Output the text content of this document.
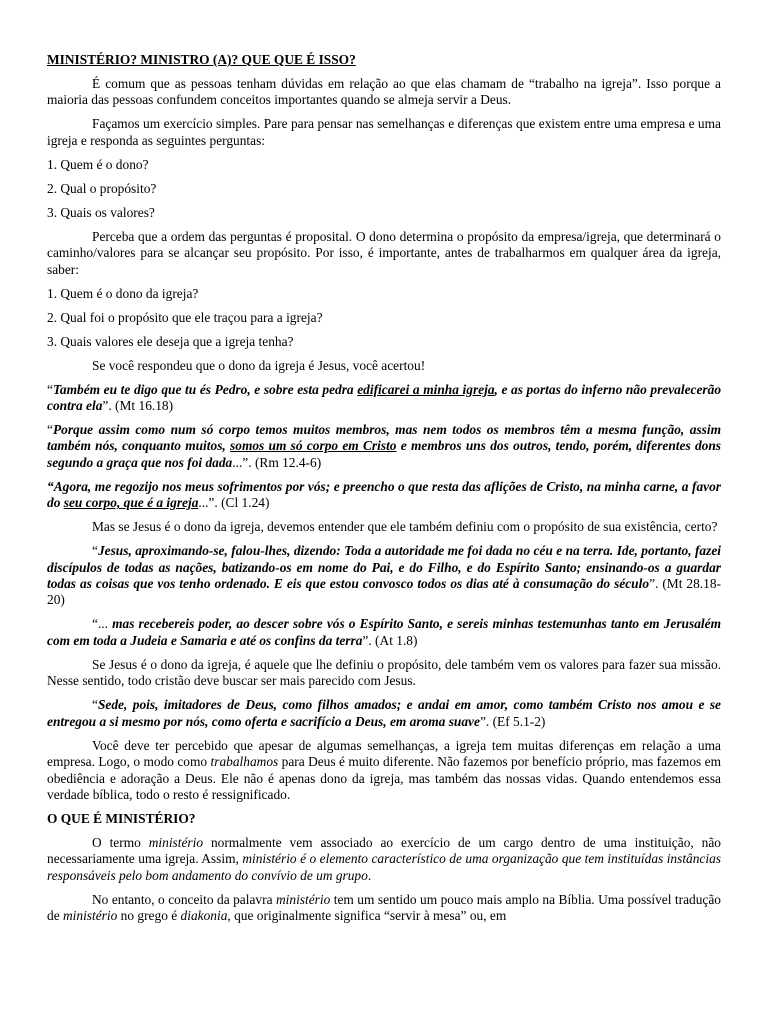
MINISTÉRIO? MINISTRO (A)? QUE QUE É ISSO?

É comum que as pessoas tenham dúvidas em relação ao que elas chamam de “trabalho na igreja”. Isso porque a maioria das pessoas confundem conceitos importantes quando se almeja servir a Deus.

Façamos um exercício simples. Pare para pensar nas semelhanças e diferenças que existem entre uma empresa e uma igreja e responda as seguintes perguntas:

1. Quem é o dono?

2. Qual o propósito?

3. Quais os valores?

Perceba que a ordem das perguntas é proposital. O dono determina o propósito da empresa/igreja, que determinará o caminho/valores para se alcançar seu propósito. Por isso, é importante, antes de trabalharmos em qualquer área da igreja, saber:

1. Quem é o dono da igreja?

2. Qual foi o propósito que ele traçou para a igreja?

3. Quais valores ele deseja que a igreja tenha?

Se você respondeu que o dono da igreja é Jesus, você acertou!

“Também eu te digo que tu és Pedro, e sobre esta pedra edificarei a minha igreja, e as portas do inferno não prevalecerão contra ela”. (Mt 16.18)

“Porque assim como num só corpo temos muitos membros, mas nem todos os membros têm a mesma função, assim também nós, conquanto muitos, somos um só corpo em Cristo e membros uns dos outros, tendo, porém, diferentes dons segundo a graça que nos foi dada...”. (Rm 12.4-6)

“Agora, me regozijo nos meus sofrimentos por vós; e preencho o que resta das aflições de Cristo, na minha carne, a favor do seu corpo, que é a igreja...”. (Cl 1.24)

Mas se Jesus é o dono da igreja, devemos entender que ele também definiu com o propósito de sua existência, certo?

“Jesus, aproximando-se, falou-lhes, dizendo: Toda a autoridade me foi dada no céu e na terra. Ide, portanto, fazei discípulos de todas as nações, batizando-os em nome do Pai, e do Filho, e do Espírito Santo; ensinando-os a guardar todas as coisas que vos tenho ordenado. E eis que estou convosco todos os dias até à consumação do século”. (Mt 28.18-20)

“... mas recebereis poder, ao descer sobre vós o Espírito Santo, e sereis minhas testemunhas tanto em Jerusalém com em toda a Judeia e Samaria e até os confins da terra”. (At 1.8)

Se Jesus é o dono da igreja, é aquele que lhe definiu o propósito, dele também vem os valores para fazer sua missão. Nesse sentido, todo cristão deve buscar ser mais parecido com Jesus.

“Sede, pois, imitadores de Deus, como filhos amados; e andai em amor, como também Cristo nos amou e se entregou a si mesmo por nós, como oferta e sacrifício a Deus, em aroma suave”. (Ef 5.1-2)

Você deve ter percebido que apesar de algumas semelhanças, a igreja tem muitas diferenças em relação a uma empresa. Logo, o modo como trabalhamos para Deus é muito diferente. Não fazemos por benefício próprio, mas fazemos em obediência e adoração a Deus. Ele não é apenas dono da igreja, mas também das nossas vidas. Quando entendemos essa verdade bíblica, todo o resto é ressignificado.

O QUE É MINISTÉRIO?

O termo ministério normalmente vem associado ao exercício de um cargo dentro de uma instituição, não necessariamente uma igreja. Assim, ministério é o elemento característico de uma organização que tem instituídas instâncias responsáveis pelo bom andamento do convívio de um grupo.

No entanto, o conceito da palavra ministério tem um sentido um pouco mais amplo na Bíblia. Uma possível tradução de ministério no grego é diakonia, que originalmente significa “servir à mesa” ou, em
